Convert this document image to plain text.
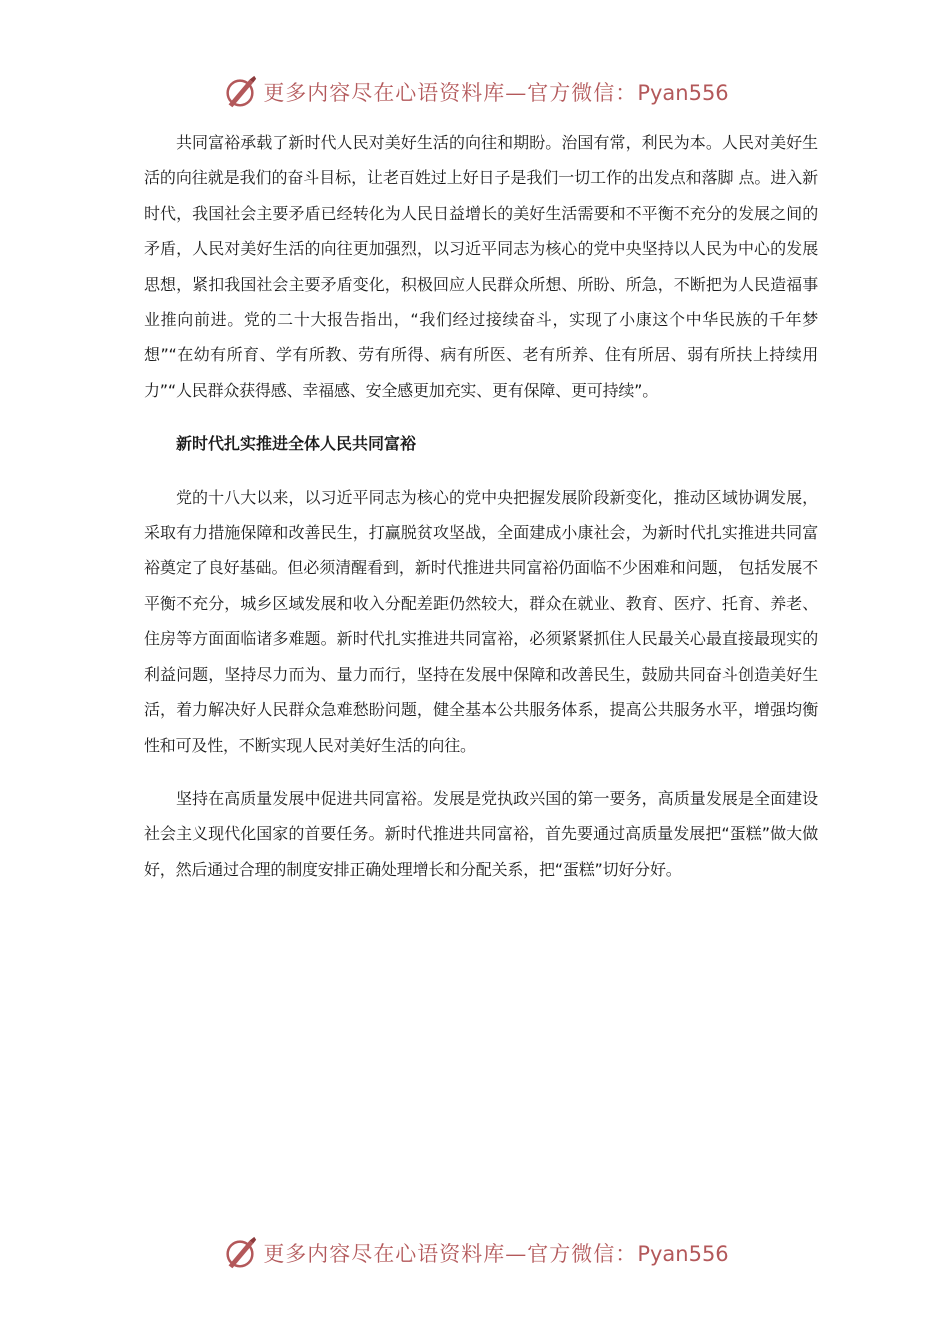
更多内容尽在心语资料库—官方微信：Pyan556

共同富裕承载了新时代人民对美好生活的向往和期盼。治国有常，利民为本。人民对美好生活的向往就是我们的奋斗目标，让老百姓过上好日子是我们一切工作的出发点和落脚 点。进入新时代，我国社会主要矛盾已经转化为人民日益增长的美好生活需要和不平衡不充分的发展之间的矛盾，人民对美好生活的向往更加强烈，以习近平同志为核心的党中央坚持以人民为中心的发展思想，紧扣我国社会主要矛盾变化，积极回应人民群众所想、所盼、所急，不断把为人民造福事业推向前进。党的二十大报告指出，“我们经过接续奋斗，实现了小康这个中华民族的千年梦想”“在幼有所育、学有所教、劳有所得、病有所医、老有所养、住有所居、弱有所扶上持续用力”“人民群众获得感、幸福感、安全感更加充实、更有保障、更可持续”。

新时代扎实推进全体人民共同富裕

党的十八大以来，以习近平同志为核心的党中央把握发展阶段新变化，推动区域协调发展，采取有力措施保障和改善民生，打赢脱贫攻坚战，全面建成小康社会，为新时代扎实推进共同富裕奠定了良好基础。但必须清醒看到，新时代推进共同富裕仍面临不少困难和问题， 包括发展不平衡不充分，城乡区域发展和收入分配差距仍然较大，群众在就业、教育、医疗、托育、养老、住房等方面面临诸多难题。新时代扎实推进共同富裕，必须紧紧抓住人民最关心最直接最现实的利益问题，坚持尽力而为、量力而行，坚持在发展中保障和改善民生，鼓励共同奋斗创造美好生活，着力解决好人民群众急难愁盼问题，健全基本公共服务体系，提高公共服务水平，增强均衡性和可及性，不断实现人民对美好生活的向往。

坚持在高质量发展中促进共同富裕。发展是党执政兴国的第一要务，高质量发展是全面建设社会主义现代化国家的首要任务。新时代推进共同富裕，首先要通过高质量发展把“蛋糕”做大做好，然后通过合理的制度安排正确处理增长和分配关系，把“蛋糕”切好分好。

更多内容尽在心语资料库—官方微信：Pyan556
